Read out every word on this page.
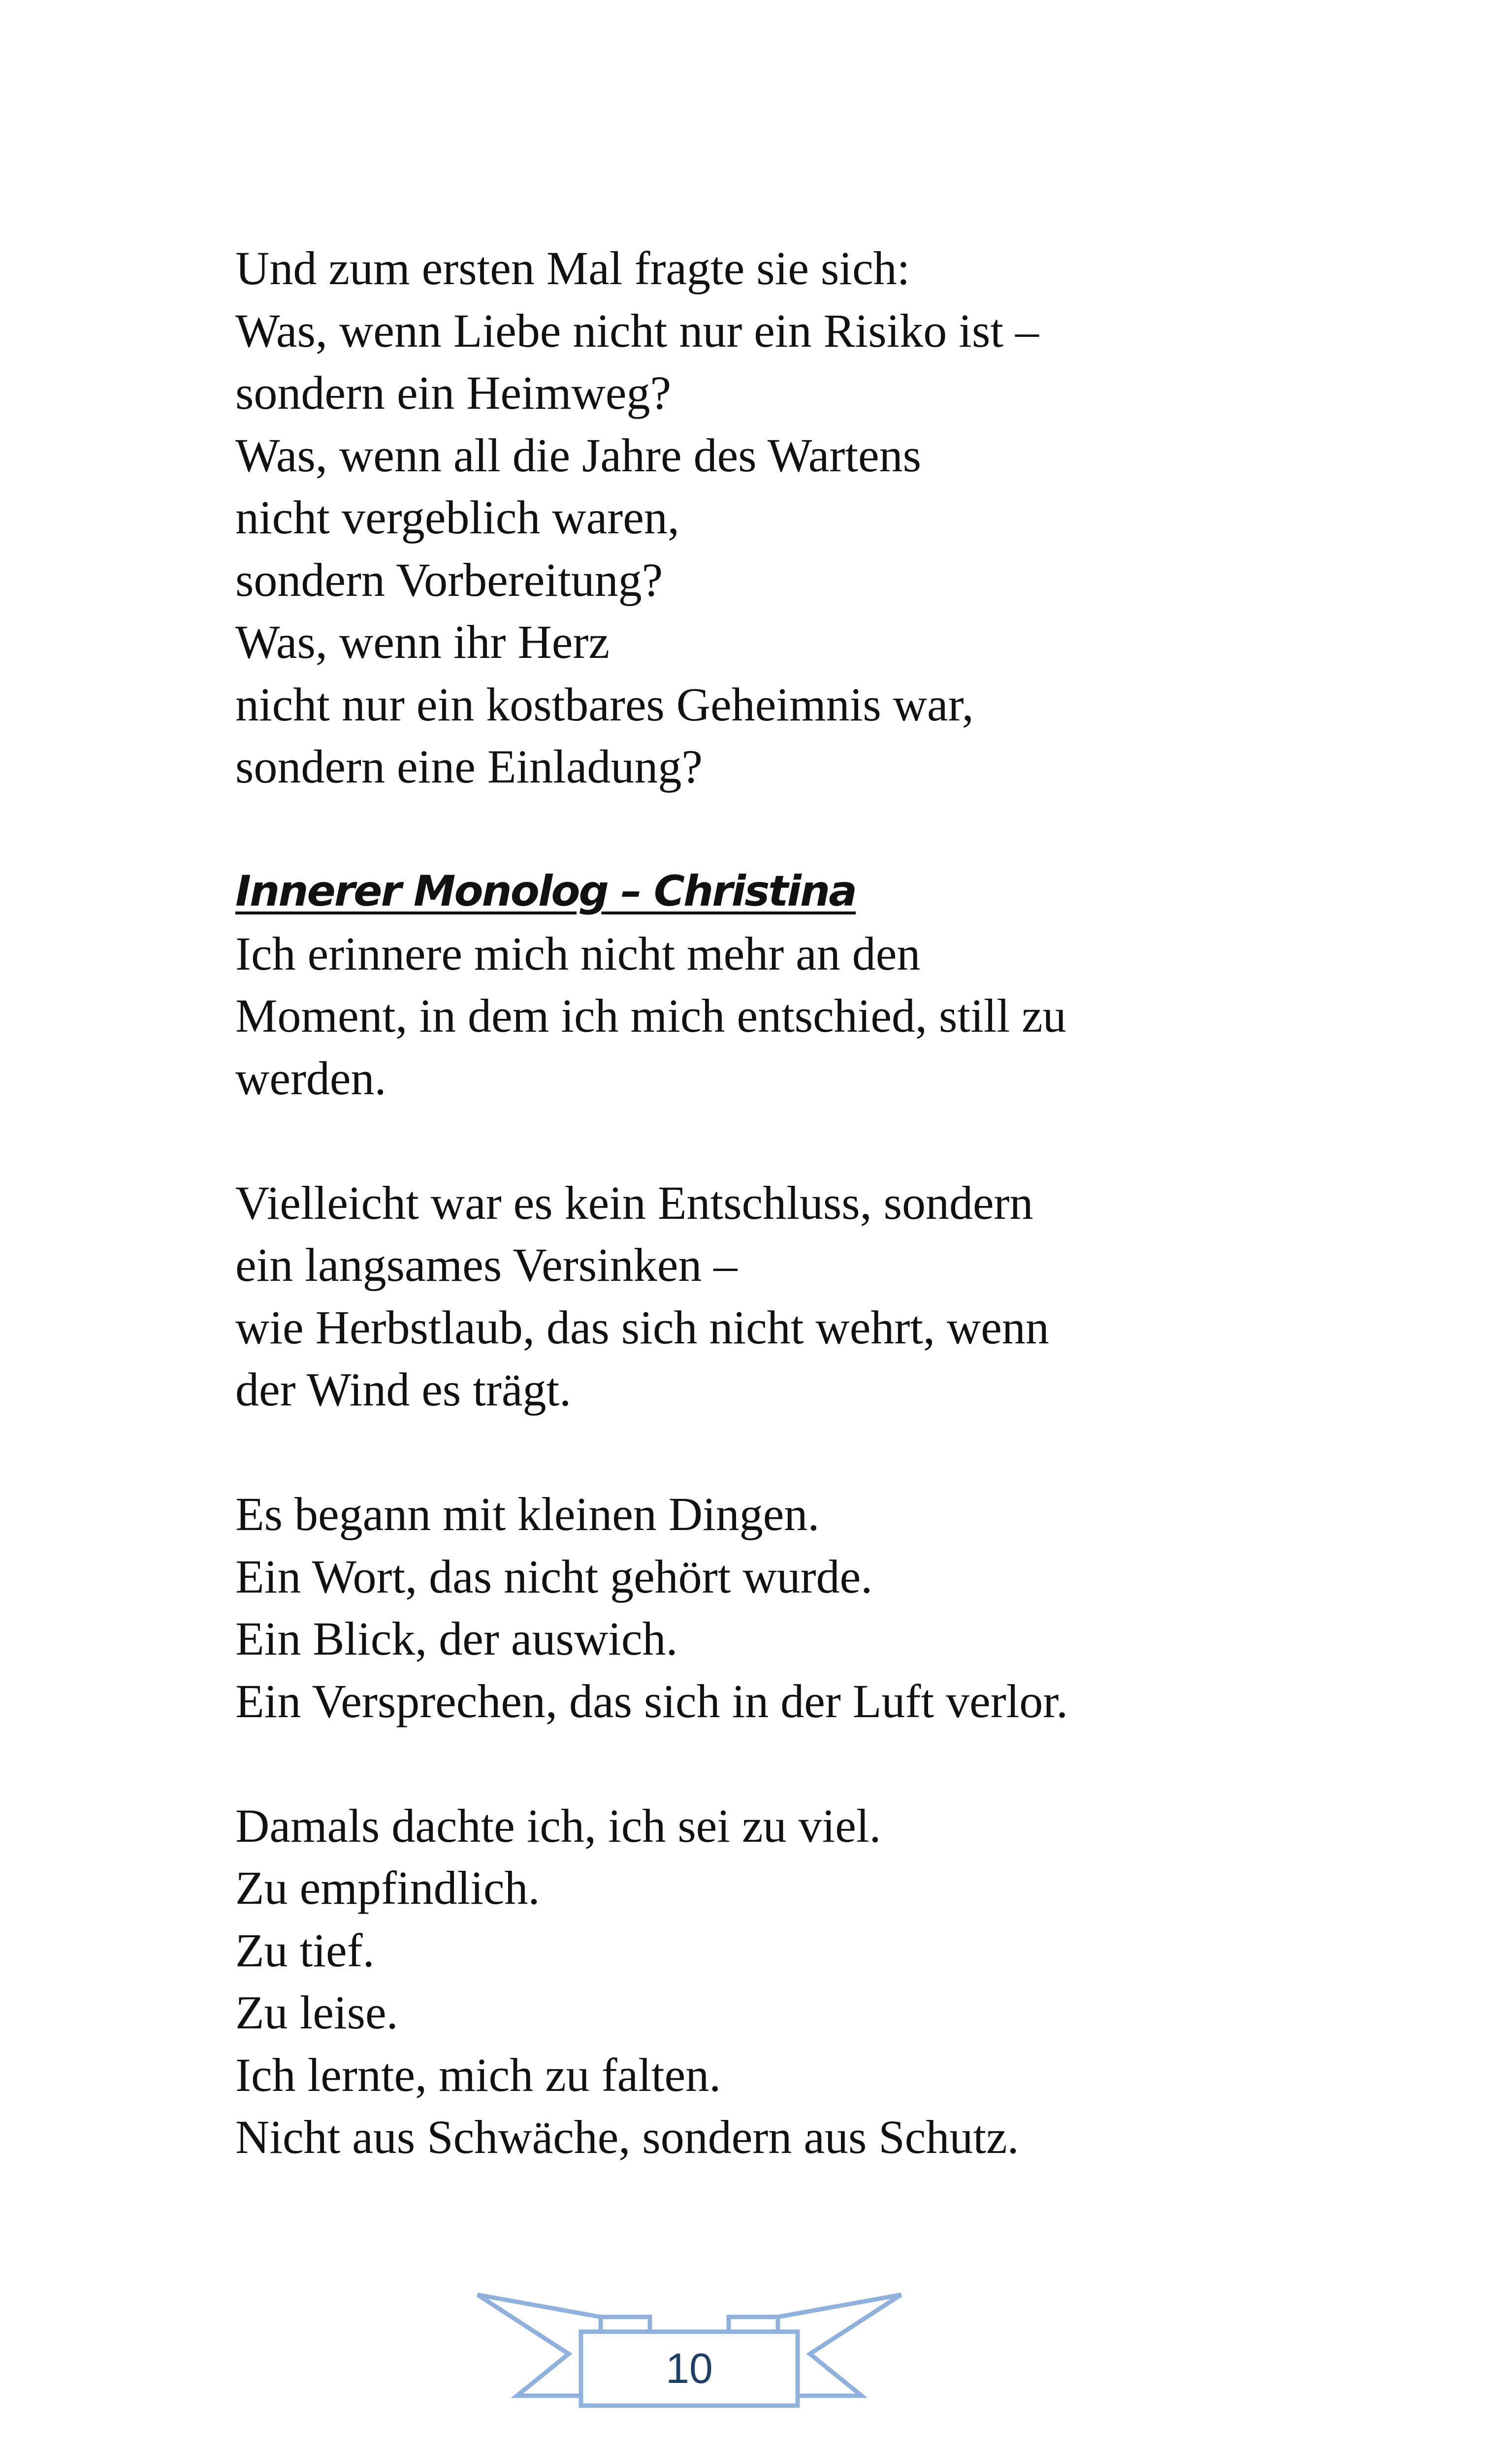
Und zum ersten Mal fragte sie sich:
Was, wenn Liebe nicht nur ein Risiko ist –
sondern ein Heimweg?
Was, wenn all die Jahre des Wartens
nicht vergeblich waren,
sondern Vorbereitung?
Was, wenn ihr Herz
nicht nur ein kostbares Geheimnis war,
sondern eine Einladung?
Innerer Monolog – Christina
Ich erinnere mich nicht mehr an den
Moment, in dem ich mich entschied, still zu
werden.
Vielleicht war es kein Entschluss, sondern
ein langsames Versinken –
wie Herbstlaub, das sich nicht wehrt, wenn
der Wind es trägt.
Es begann mit kleinen Dingen.
Ein Wort, das nicht gehört wurde.
Ein Blick, der auswich.
Ein Versprechen, das sich in der Luft verlor.
Damals dachte ich, ich sei zu viel.
Zu empfindlich.
Zu tief.
Zu leise.
Ich lernte, mich zu falten.
Nicht aus Schwäche, sondern aus Schutz.
10
